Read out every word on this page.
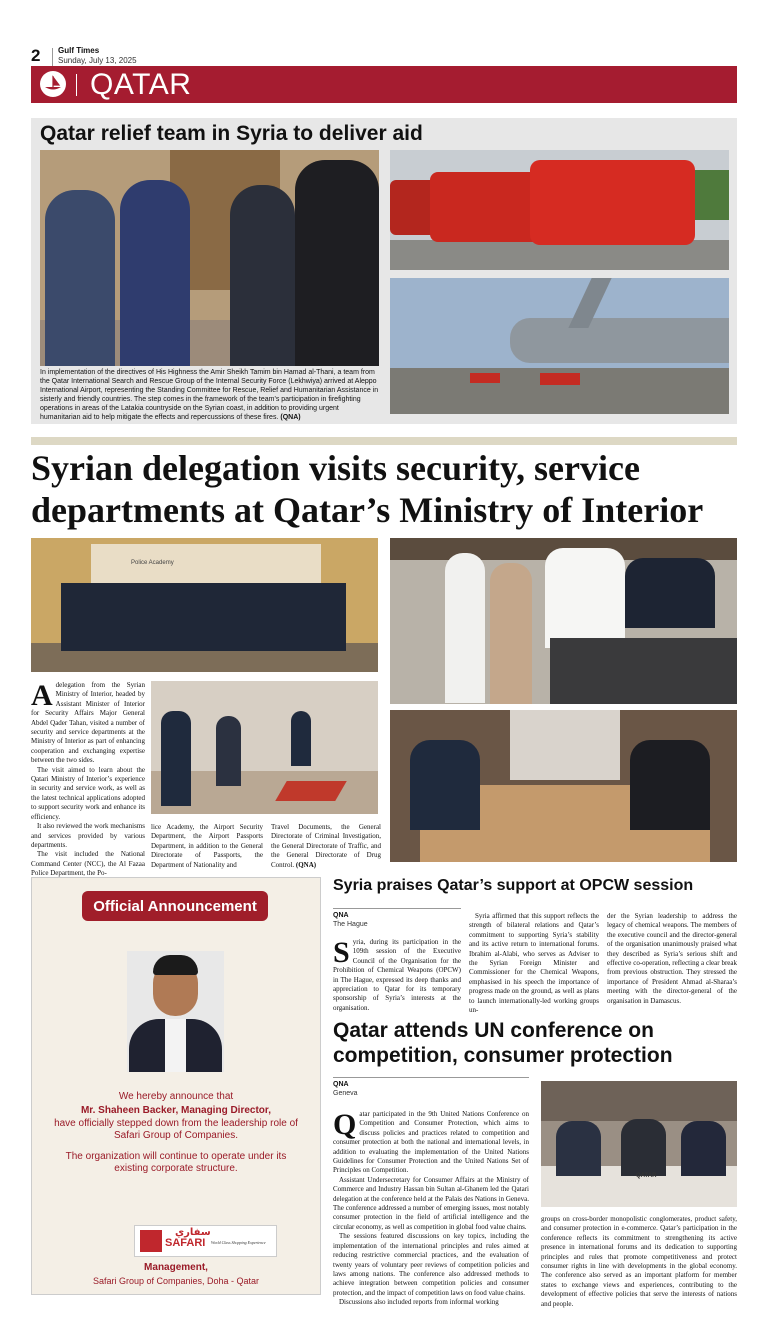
2 Gulf Times
Sunday, July 13, 2025
QATAR
Qatar relief team in Syria to deliver aid
In implementation of the directives of His Highness the Amir Sheikh Tamim bin Hamad al-Thani, a team from the Qatar International Search and Rescue Group of the Internal Security Force (Lekhwiya) arrived at Aleppo International Airport, representing the Standing Committee for Rescue, Relief and Humanitarian Assistance in sisterly and friendly countries. The step comes in the framework of the team's participation in firefighting operations in areas of the Latakia countryside on the Syrian coast, in addition to providing urgent humanitarian aid to help mitigate the effects and repercussions of these fires. (QNA)
Syrian delegation visits security, service departments at Qatar’s Ministry of Interior
Police Academy
A delegation from the Syrian Ministry of Interior, headed by Assistant Minister of Interior for Security Affairs Major General Abdel Qader Tahan, visited a number of security and service departments at the Ministry of Interior as part of enhancing cooperation and exchanging expertise between the two sides.

The visit aimed to learn about the Qatari Ministry of Interior’s experience in security and service work, as well as the latest technical applications adopted to support security work and enhance its efficiency.

It also reviewed the work mechanisms and services provided by various departments.

The visit included the National Command Center (NCC), the Al Fazaa Police Department, the Po-

lice Academy, the Airport Security Department, the Airport Passports Department, in addition to the General Directorate of Passports, the Department of Nationality and
Travel Documents, the General Directorate of Criminal Investigation, the General Directorate of Traffic, and the General Directorate of Drug Control. (QNA)
Syria praises Qatar’s support at OPCW session
QNA
The Hague
Syria, during its participation in the 109th session of the Executive Council of the Organisation for the Prohibition of Chemical Weapons (OPCW) in The Hague, expressed its deep thanks and appreciation to Qatar for its temporary sponsorship of Syria’s interests at the organisation.
Syria affirmed that this support reflects the strength of bilateral relations and Qatar’s commitment to supporting Syria’s stability and its active return to international forums. Ibrahim al-Alabi, who serves as Adviser to the Syrian Foreign Minister and Commissioner for the Chemical Weapons, emphasised in his speech the importance of progress made on the ground, as well as plans to launch internationally-led working groups un-
der the Syrian leadership to address the legacy of chemical weapons. The members of the executive council and the director-general of the organisation unanimously praised what they described as Syria’s serious shift and effective co-operation, reflecting a clear break from previous obstruction. They stressed the importance of President Ahmad al-Sharaa’s meeting with the director-general of the organisation in Damascus.
Qatar attends UN conference on competition, consumer protection
QNA
Geneva
Qatar participated in the 9th United Nations Conference on Competition and Consumer Protection, which aims to discuss policies and practices related to competition and consumer protection at both the national and international levels, in addition to evaluating the implementation of the United Nations Guidelines for Consumer Protection and the United Nations Set of Principles on Competition.

Assistant Undersecretary for Consumer Affairs at the Ministry of Commerce and Industry Hassan bin Sultan al-Ghanem led the Qatari delegation at the conference held at the Palais des Nations in Geneva. The conference addressed a number of emerging issues, most notably consumer protection in the field of artificial intelligence and the circular economy, as well as competition in global food value chains.

The sessions featured discussions on key topics, including the implementation of the international principles and rules aimed at reducing restrictive commercial practices, and the evaluation of twenty years of voluntary peer reviews of competition policies and laws among nations. The conference also addressed methods to achieve integration between competition policies and consumer protection, and the impact of competition laws on food value chains.

Discussions also included reports from informal working

QATAR
groups on cross-border monopolistic conglomerates, product safety, and consumer protection in e-commerce. Qatar’s participation in the conference reflects its commitment to strengthening its active presence in international forums and its dedication to supporting principles and rules that promote competitiveness and protect consumer rights in line with developments in the global economy. The conference also served as an important platform for member states to exchange views and experiences, contributing to the development of effective policies that serve the interests of nations and people.
Official Announcement
We hereby announce that
Mr. Shaheen Backer, Managing Director,
have officially stepped down from the leadership role of Safari Group of Companies.
The organization will continue to operate under its existing corporate structure.
سفاري
SAFARI World Class Shopping Experience
Management,
Safari Group of Companies, Doha - Qatar
